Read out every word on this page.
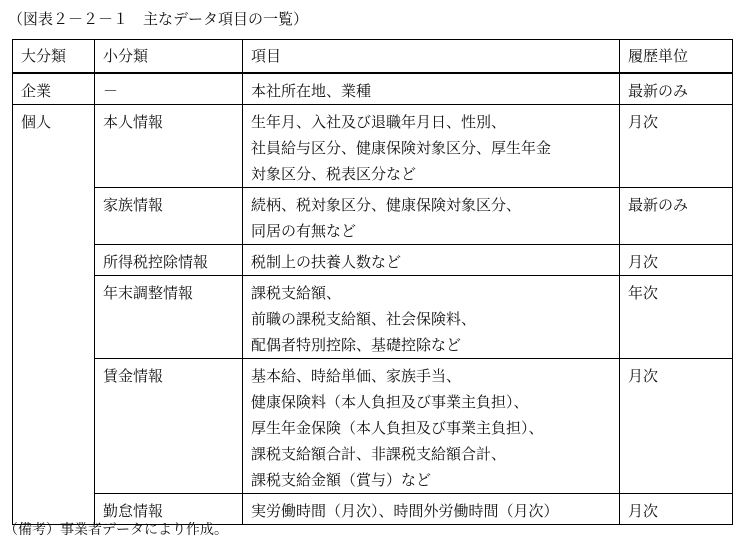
（図表２－２－１　主なデータ項目の一覧）
大分類	小分類	項目	履歴単位
企業	－	本社所在地、業種	最新のみ
個人	本人情報	生年月、入社及び退職年月日、性別、
社員給与区分、健康保険対象区分、厚生年金
対象区分、税表区分など	月次
	家族情報	続柄、税対象区分、健康保険対象区分、
同居の有無など	最新のみ
	所得税控除情報	税制上の扶養人数など	月次
	年末調整情報	課税支給額、
前職の課税支給額、社会保険料、
配偶者特別控除、基礎控除など	年次
	賃金情報	基本給、時給単価、家族手当、
健康保険料（本人負担及び事業主負担）、
厚生年金保険（本人負担及び事業主負担）、
課税支給額合計、非課税支給額合計、
課税支給金額（賞与）など	月次
	勤怠情報	実労働時間（月次）、時間外労働時間（月次）	月次
（備考）事業者データにより作成。
